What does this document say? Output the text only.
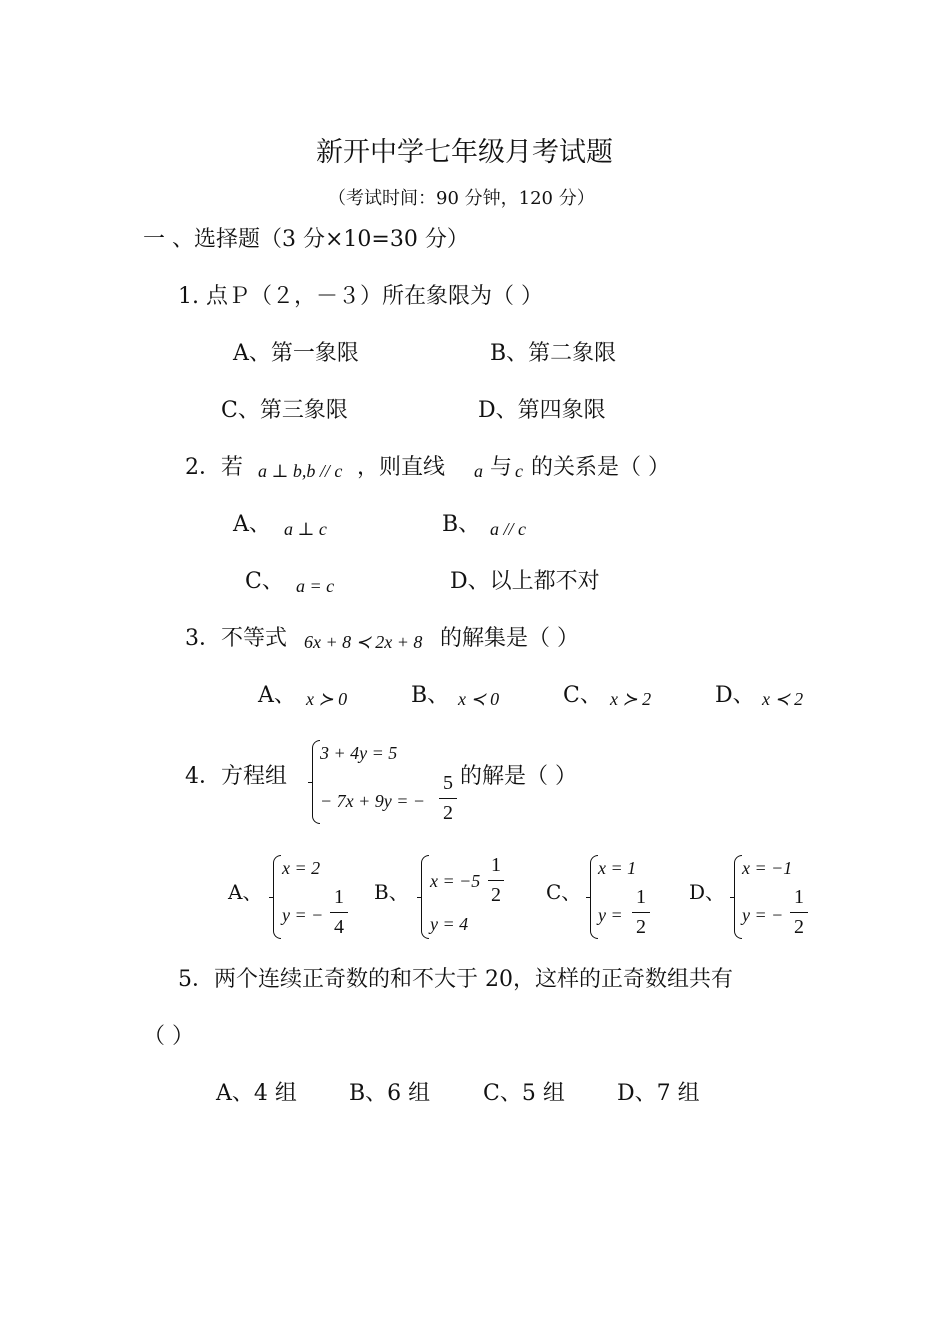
新开中学七年级月考试题
（考试时间：90 分钟，120 分）
一 、选择题（3 分×10=30 分）
1. 点Ｐ（２，－３）所在象限为（ ）
A、第一象限	B、第二象限
C、第三象限	D、第四象限
2．若 a ⊥ b,b // c ，则直线 a 与 c 的关系是（ ）
A、 a ⊥ c	B、 a // c
C、 a = c	D、以上都不对
3．不等式 6x + 8 ≺ 2x + 8 的解集是（ ）
A、 x ≻ 0	B、 x ≺ 0	C、 x ≻ 2	D、 x ≺ 2
4．方程组
3 + 4y = 5
− 7x + 9y = −
5
2
的解是（ ）
A、
x = 2
y = −
1
4
B、 x = −5
1
2
y = 4
C、
x = 1
y =
1
2
D、
x = −1
y = −
1
2
5．两个连续正奇数的和不大于 20，这样的正奇数组共有
（ ）
A、4 组 B、6 组 C、5 组 D、7 组
